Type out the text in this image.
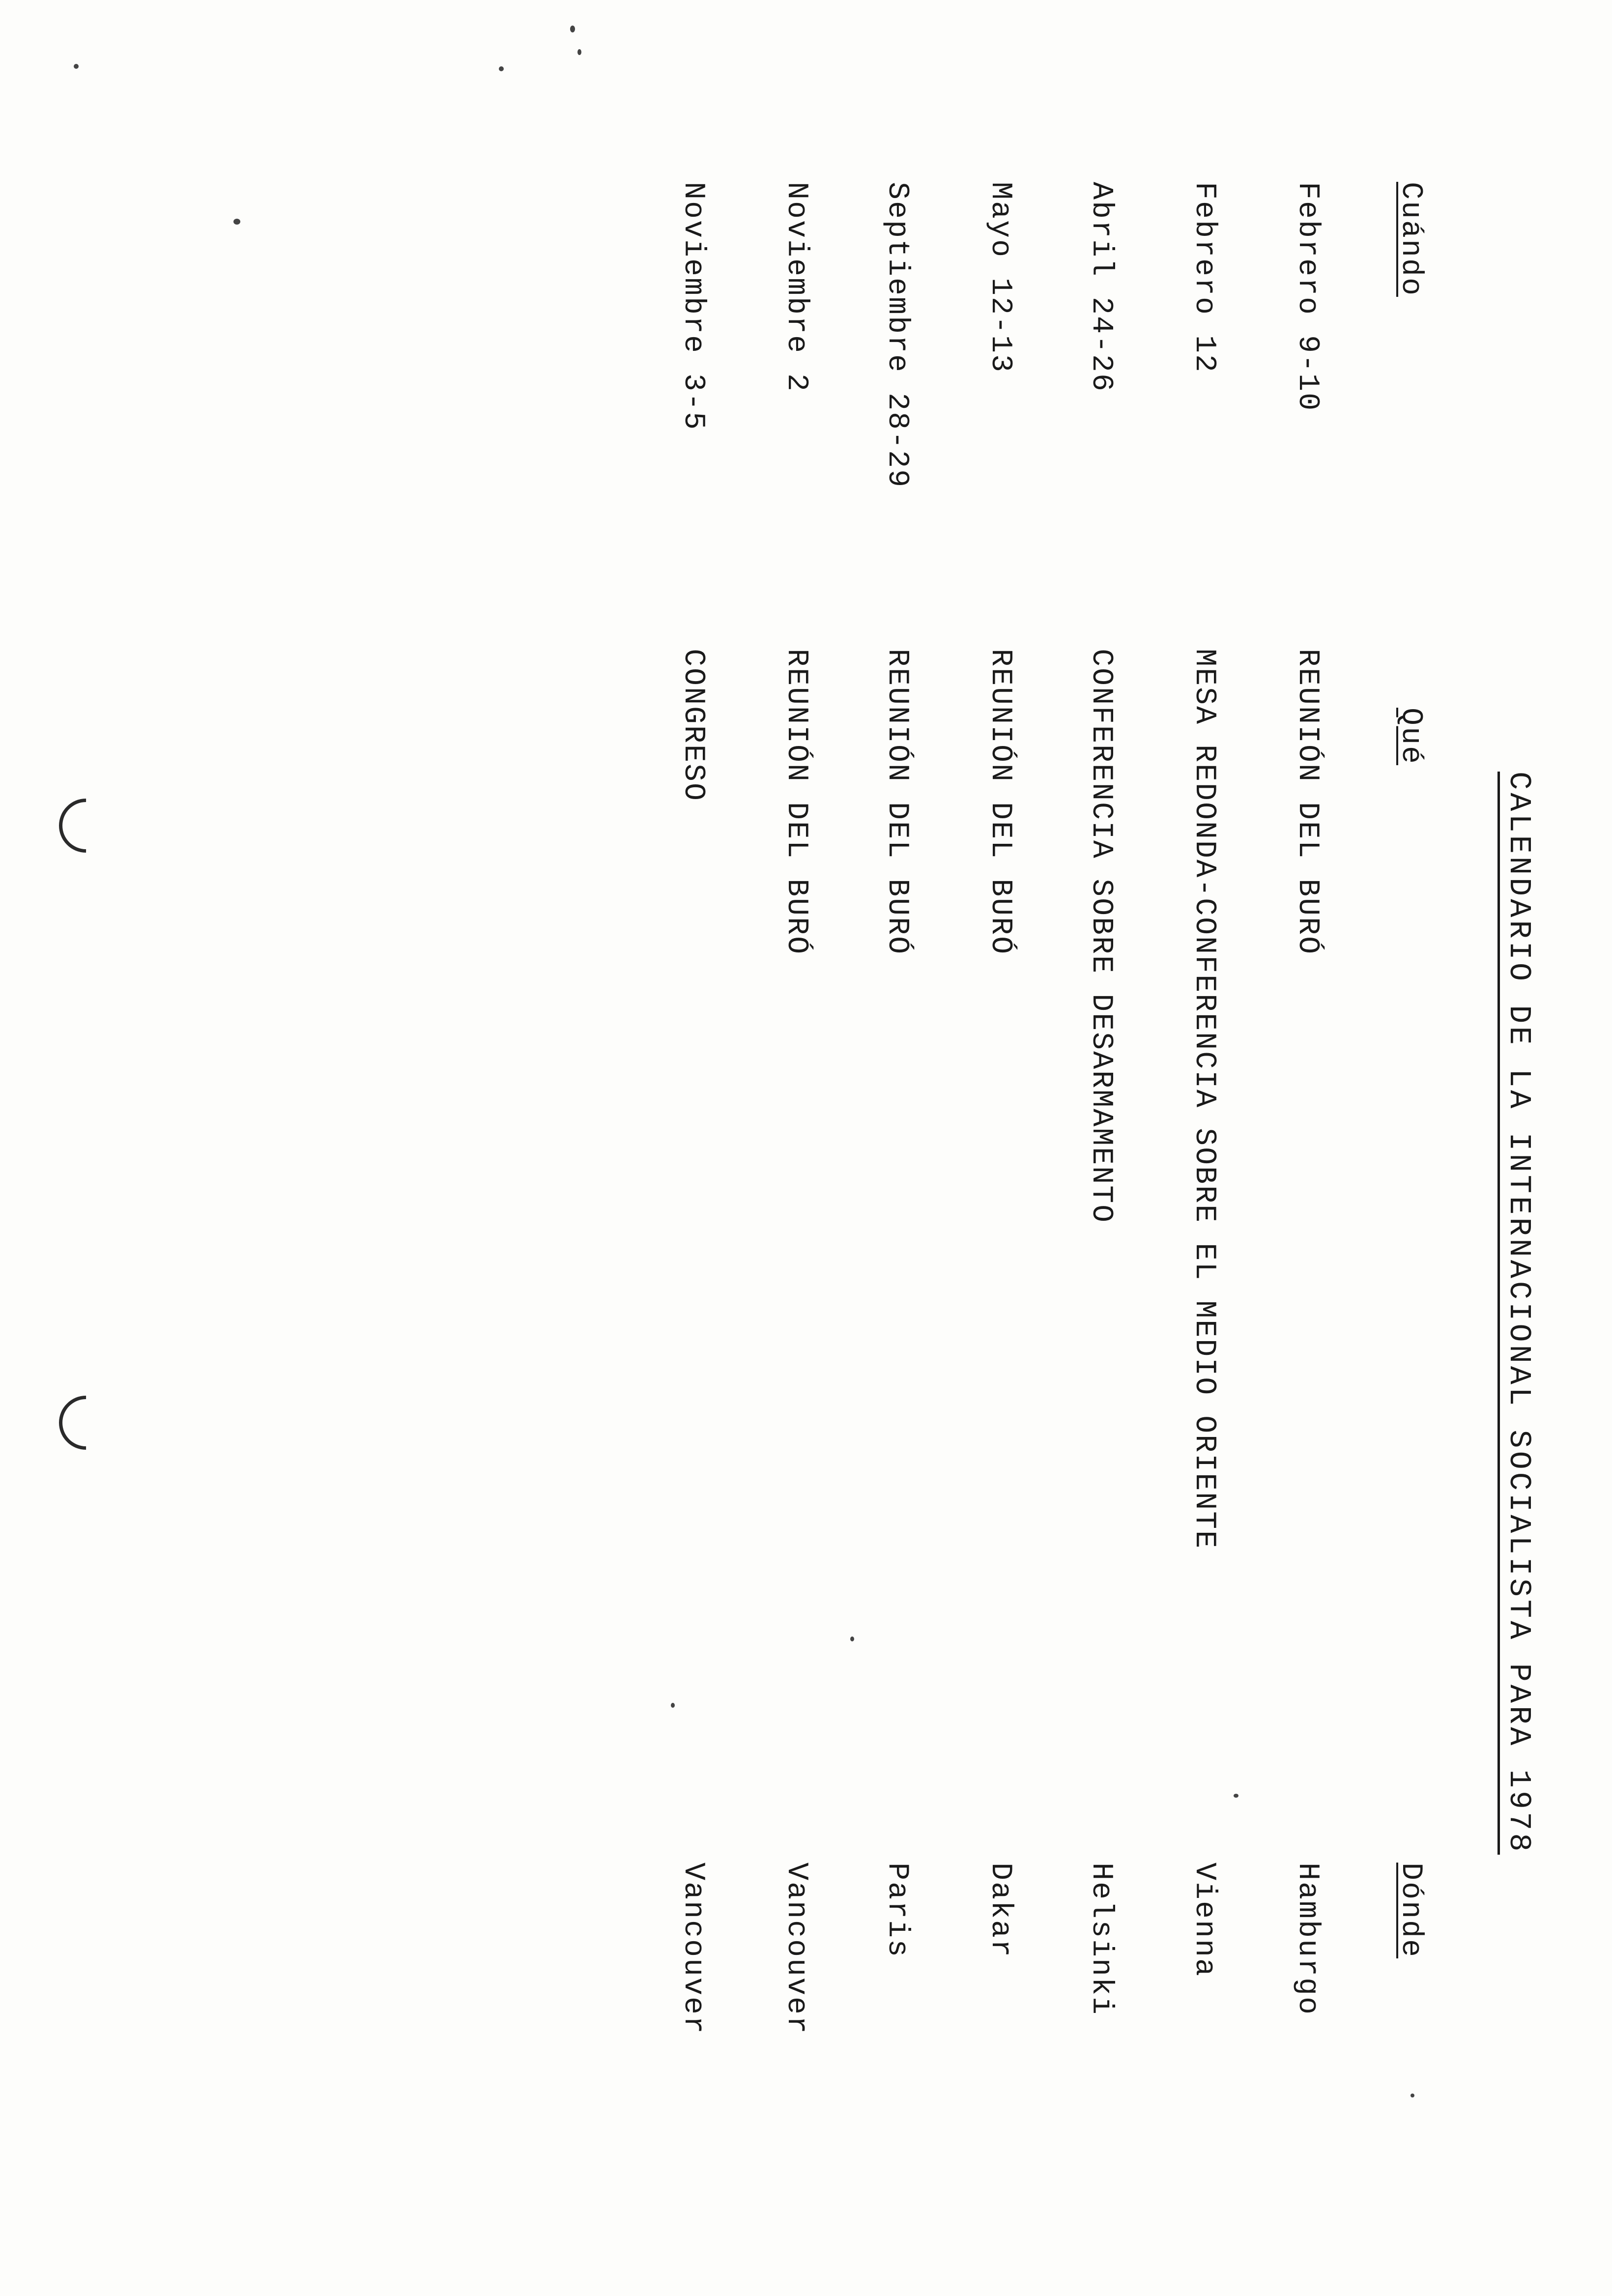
CALENDARIO DE LA INTERNACIONAL SOCIALISTA PARA 1978
Cuándo
Qué
Dónde
Febrero 9-10
REUNIÓN DEL BURÓ
Hamburgo
Febrero 12
MESA REDONDA-CONFERENCIA SOBRE EL MEDIO ORIENTE
Vienna
Abril 24-26
CONFERENCIA SOBRE DESARMAMENTO
Helsinki
Mayo 12-13
REUNIÓN DEL BURÓ
Dakar
Septiembre 28-29
REUNIÓN DEL BURÓ
Paris
Noviembre 2
REUNIÓN DEL BURÓ
Vancouver
Noviembre 3-5
CONGRESO
Vancouver
